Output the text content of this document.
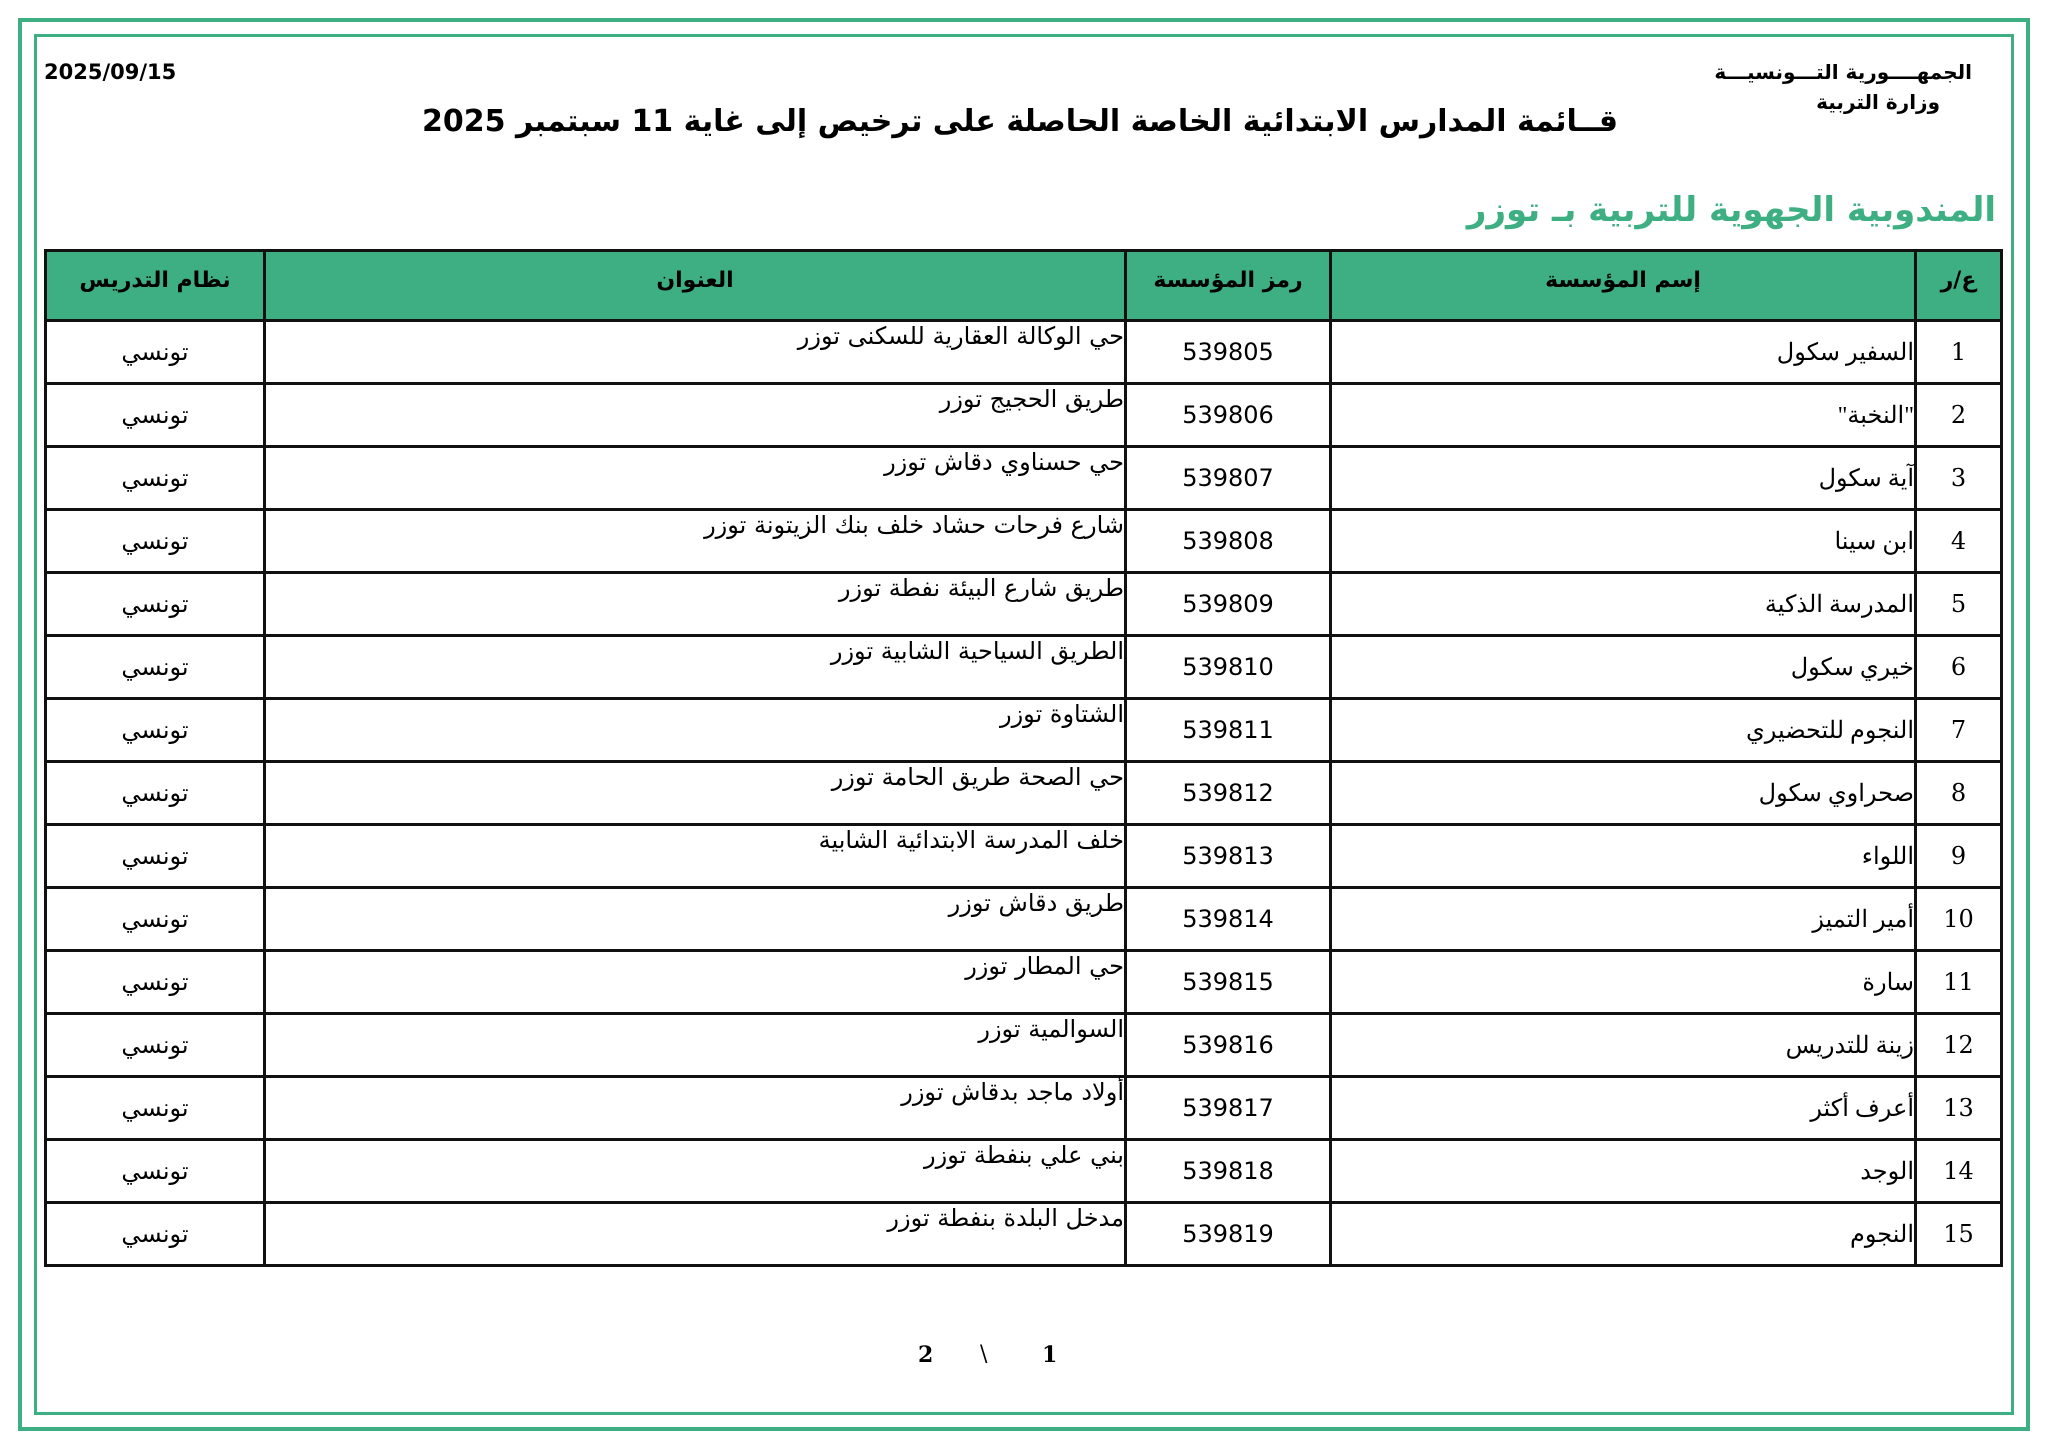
2025/09/15	الجمهــــورية التـــونسيـــة
وزارة التربية
قــائمة المدارس الابتدائية الخاصة الحاصلة على ترخيص إلى غاية 11 سبتمبر 2025
المندوبية الجهوية للتربية بـ توزر
ع/ر	إسم المؤسسة	رمز المؤسسة	العنوان	نظام التدريس
1	السفير سكول	539805	حي الوكالة العقارية للسكنى توزر	تونسي
2	"النخبة"	539806	طريق الحجيج توزر	تونسي
3	آية سكول	539807	حي حسناوي دقاش توزر	تونسي
4	ابن سينا	539808	شارع فرحات حشاد خلف بنك الزيتونة توزر	تونسي
5	المدرسة الذكية	539809	طريق شارع البيئة نفطة توزر	تونسي
6	خيري سكول	539810	الطريق السياحية الشابية توزر	تونسي
7	النجوم للتحضيري	539811	الشتاوة توزر	تونسي
8	صحراوي سكول	539812	حي الصحة طريق الحامة توزر	تونسي
9	اللواء	539813	خلف المدرسة الابتدائية الشابية	تونسي
10	أمير التميز	539814	طريق دقاش توزر	تونسي
11	سارة	539815	حي المطار توزر	تونسي
12	زينة للتدريس	539816	السوالمية توزر	تونسي
13	أعرف أكثر	539817	أولاد ماجد بدقاش توزر	تونسي
14	الوجد	539818	بني علي بنفطة توزر	تونسي
15	النجوم	539819	مدخل البلدة بنفطة توزر	تونسي
2 \ 1
